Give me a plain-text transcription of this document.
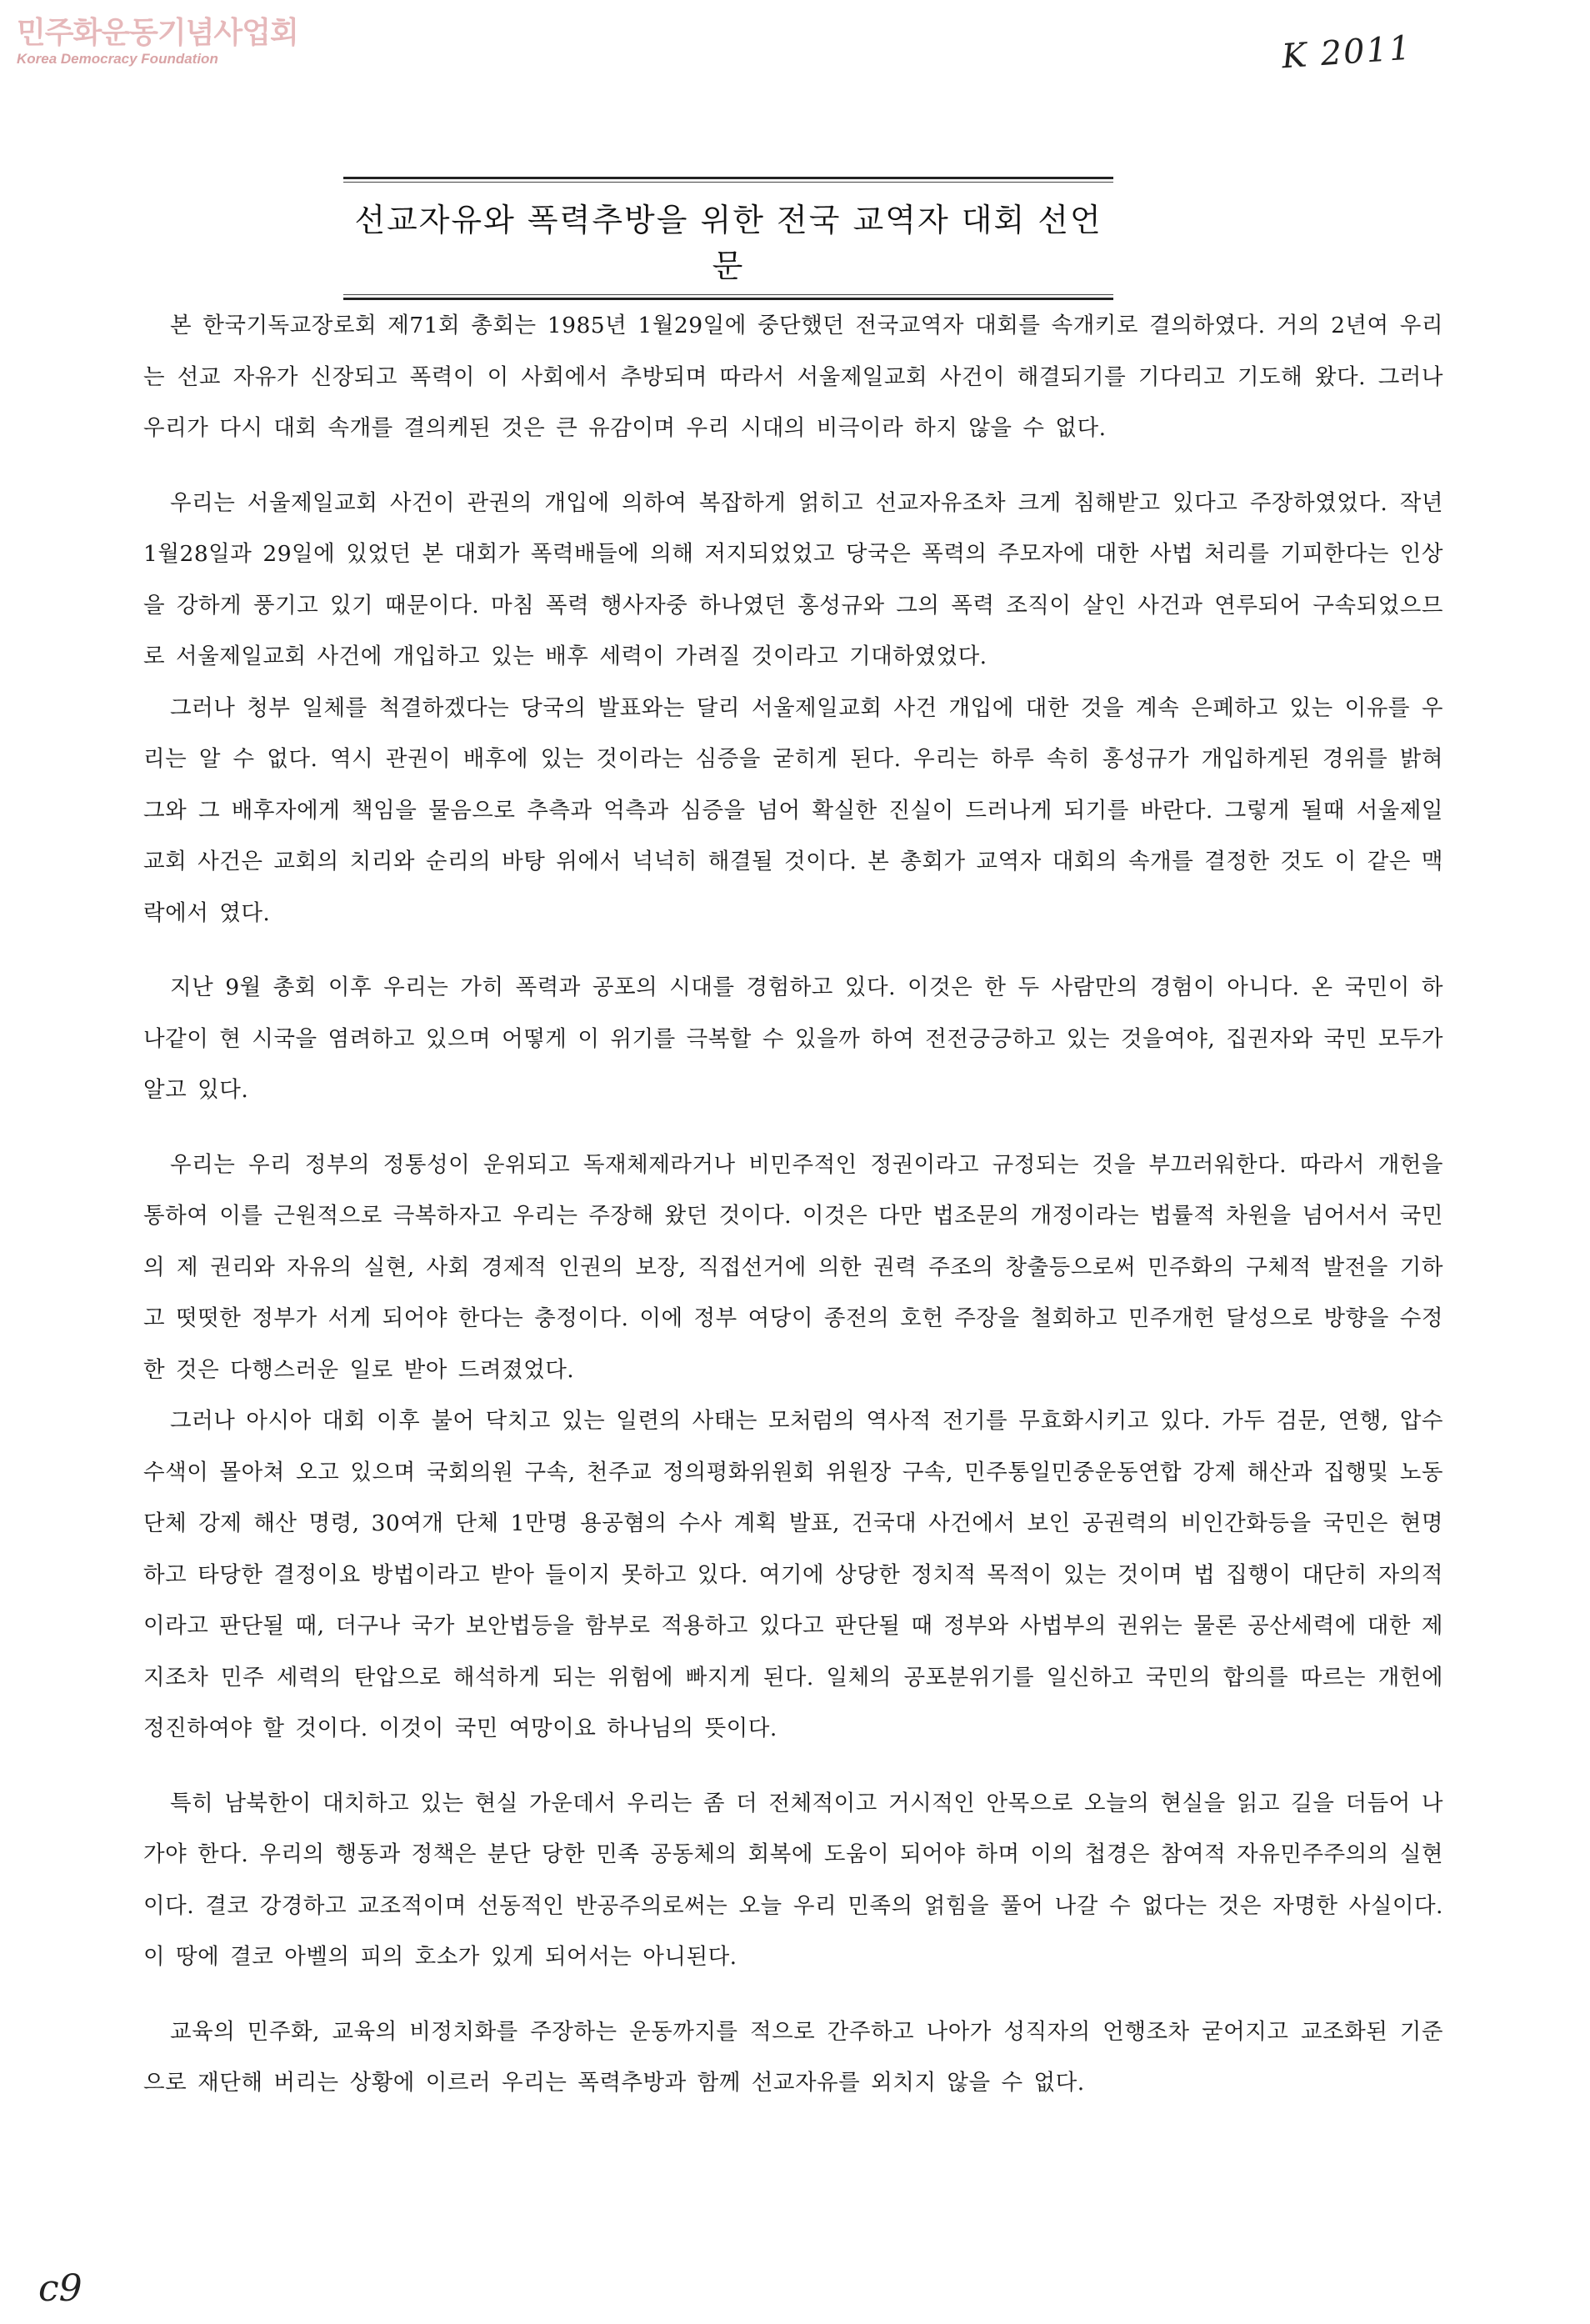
민주화운동기념사업회
Korea Democracy Foundation	K 2011
선교자유와 폭력추방을 위한 전국 교역자 대회 선언문

본 한국기독교장로회 제71회 총회는 1985년 1월29일에 중단했던 전국교역자 대회를 속개키로 결의하였다. 거의 2년여 우리는 선교 자유가 신장되고 폭력이 이 사회에서 추방되며 따라서 서울제일교회 사건이 해결되기를 기다리고 기도해 왔다. 그러나 우리가 다시 대회 속개를 결의케된 것은 큰 유감이며 우리 시대의 비극이라 하지 않을 수 없다.

우리는 서울제일교회 사건이 관권의 개입에 의하여 복잡하게 얽히고 선교자유조차 크게 침해받고 있다고 주장하였었다. 작년 1월28일과 29일에 있었던 본 대회가 폭력배들에 의해 저지되었었고 당국은 폭력의 주모자에 대한 사법 처리를 기피한다는 인상을 강하게 풍기고 있기 때문이다. 마침 폭력 행사자중 하나였던 홍성규와 그의 폭력 조직이 살인 사건과 연루되어 구속되었으므로 서울제일교회 사건에 개입하고 있는 배후 세력이 가려질 것이라고 기대하였었다.

그러나 청부 일체를 척결하겠다는 당국의 발표와는 달리 서울제일교회 사건 개입에 대한 것을 계속 은폐하고 있는 이유를 우리는 알 수 없다. 역시 관권이 배후에 있는 것이라는 심증을 굳히게 된다. 우리는 하루 속히 홍성규가 개입하게된 경위를 밝혀 그와 그 배후자에게 책임을 물음으로 추측과 억측과 심증을 넘어 확실한 진실이 드러나게 되기를 바란다. 그렇게 될때 서울제일교회 사건은 교회의 치리와 순리의 바탕 위에서 넉넉히 해결될 것이다. 본 총회가 교역자 대회의 속개를 결정한 것도 이 같은 맥락에서 였다.

지난 9월 총회 이후 우리는 가히 폭력과 공포의 시대를 경험하고 있다. 이것은 한 두 사람만의 경험이 아니다. 온 국민이 하나같이 현 시국을 염려하고 있으며 어떻게 이 위기를 극복할 수 있을까 하여 전전긍긍하고 있는 것을여야, 집권자와 국민 모두가 알고 있다.

우리는 우리 정부의 정통성이 운위되고 독재체제라거나 비민주적인 정권이라고 규정되는 것을 부끄러워한다. 따라서 개헌을 통하여 이를 근원적으로 극복하자고 우리는 주장해 왔던 것이다. 이것은 다만 법조문의 개정이라는 법률적 차원을 넘어서서 국민의 제 권리와 자유의 실현, 사회 경제적 인권의 보장, 직접선거에 의한 권력 주조의 창출등으로써 민주화의 구체적 발전을 기하고 떳떳한 정부가 서게 되어야 한다는 충정이다. 이에 정부 여당이 종전의 호헌 주장을 철회하고 민주개헌 달성으로 방향을 수정한 것은 다행스러운 일로 받아 드려졌었다.

그러나 아시아 대회 이후 불어 닥치고 있는 일련의 사태는 모처럼의 역사적 전기를 무효화시키고 있다. 가두 검문, 연행, 압수 수색이 몰아쳐 오고 있으며 국회의원 구속, 천주교 정의평화위원회 위원장 구속, 민주통일민중운동연합 강제 해산과 집행및 노동단체 강제 해산 명령, 30여개 단체 1만명 용공혐의 수사 계획 발표, 건국대 사건에서 보인 공권력의 비인간화등을 국민은 현명하고 타당한 결정이요 방법이라고 받아 들이지 못하고 있다. 여기에 상당한 정치적 목적이 있는 것이며 법 집행이 대단히 자의적이라고 판단될 때, 더구나 국가 보안법등을 함부로 적용하고 있다고 판단될 때 정부와 사법부의 권위는 물론 공산세력에 대한 제지조차 민주 세력의 탄압으로 해석하게 되는 위험에 빠지게 된다. 일체의 공포분위기를 일신하고 국민의 합의를 따르는 개헌에 정진하여야 할 것이다. 이것이 국민 여망이요 하나님의 뜻이다.

특히 남북한이 대치하고 있는 현실 가운데서 우리는 좀 더 전체적이고 거시적인 안목으로 오늘의 현실을 읽고 길을 더듬어 나가야 한다. 우리의 행동과 정책은 분단 당한 민족 공동체의 회복에 도움이 되어야 하며 이의 첩경은 참여적 자유민주주의의 실현이다. 결코 강경하고 교조적이며 선동적인 반공주의로써는 오늘 우리 민족의 얽힘을 풀어 나갈 수 없다는 것은 자명한 사실이다. 이 땅에 결코 아벨의 피의 호소가 있게 되어서는 아니된다.

교육의 민주화, 교육의 비정치화를 주장하는 운동까지를 적으로 간주하고 나아가 성직자의 언행조차 굳어지고 교조화된 기준으로 재단해 버리는 상황에 이르러 우리는 폭력추방과 함께 선교자유를 외치지 않을 수 없다.

c9
